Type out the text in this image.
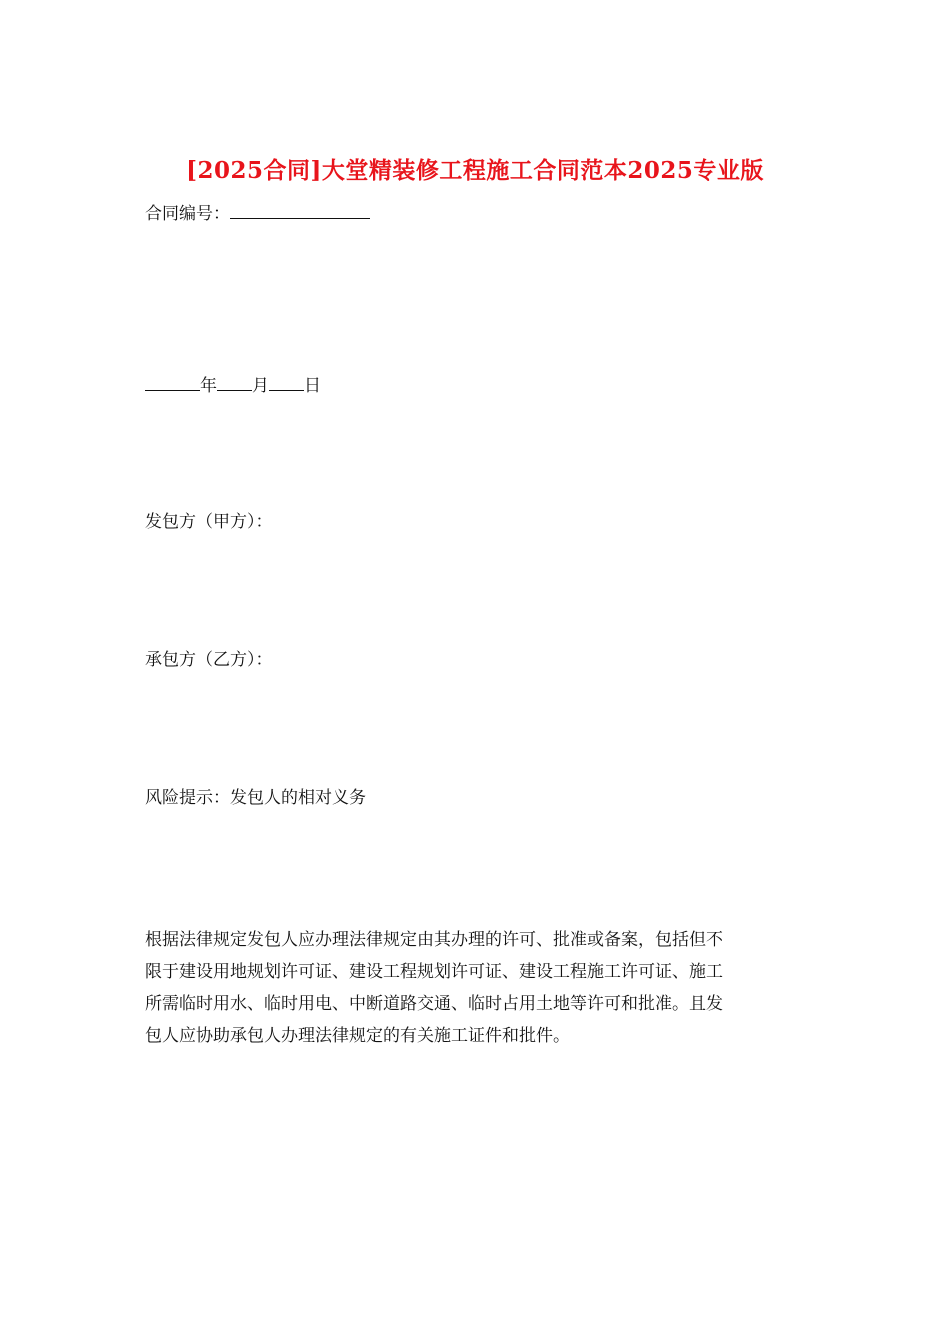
[2025合同]大堂精装修工程施工合同范本2025专业版
合同编号：
年 月 日
发包方（甲方）：
承包方（乙方）：
风险提示：发包人的相对义务
根据法律规定发包人应办理法律规定由其办理的许可、批准或备案，包括但不
限于建设用地规划许可证、建设工程规划许可证、建设工程施工许可证、施工
所需临时用水、临时用电、中断道路交通、临时占用土地等许可和批准。且发
包人应协助承包人办理法律规定的有关施工证件和批件。
